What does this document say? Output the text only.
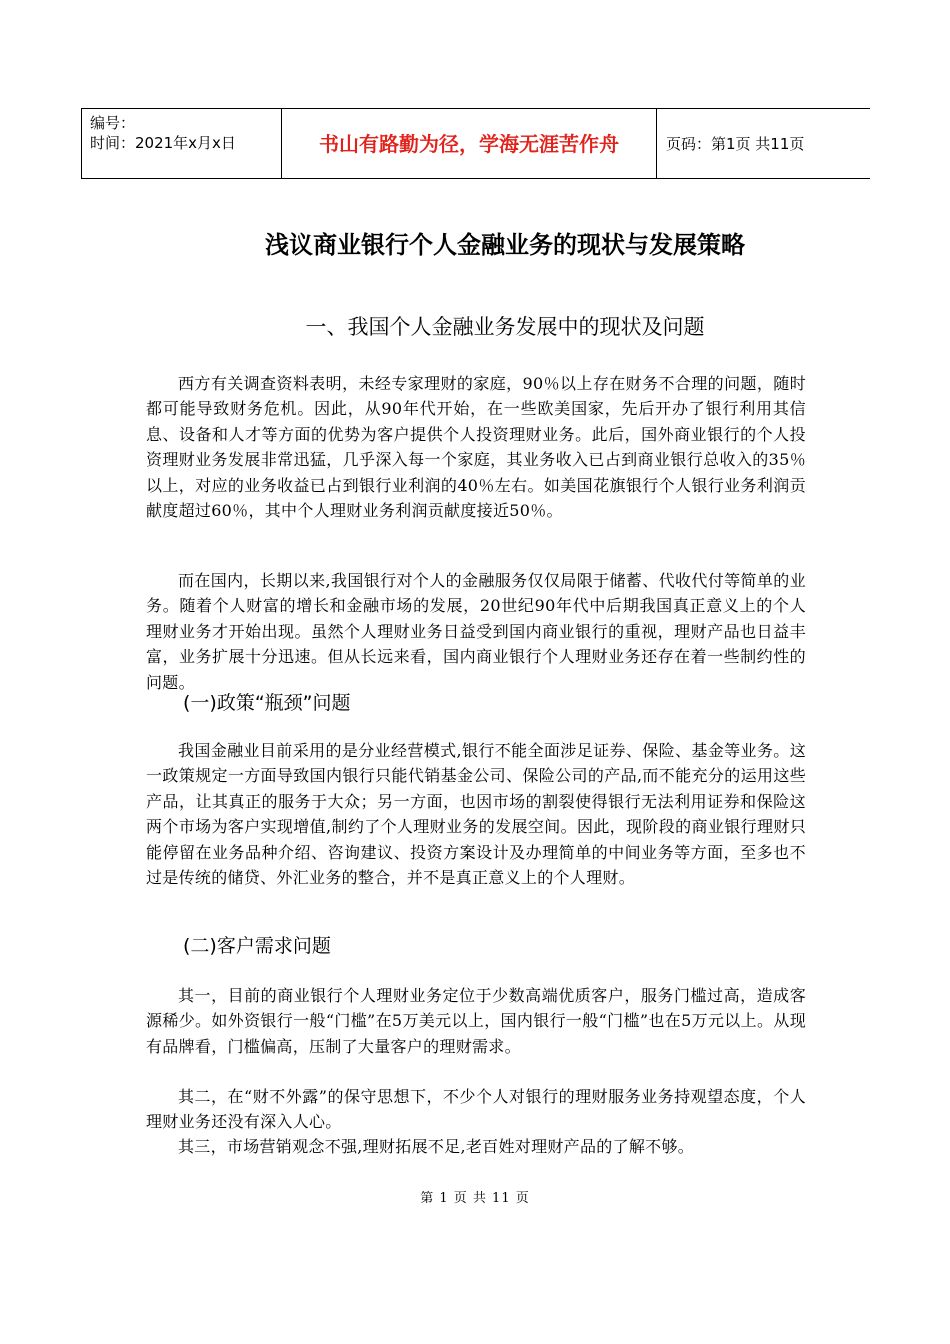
编号：
时间：2021年x月x日	书山有路勤为径，学海无涯苦作舟	页码：第1页 共11页
浅议商业银行个人金融业务的现状与发展策略
一、我国个人金融业务发展中的现状及问题

西方有关调查资料表明，未经专家理财的家庭，90％以上存在财务不合理的问题，随时都可能导致财务危机。因此，从90年代开始，在一些欧美国家，先后开办了银行利用其信息、设备和人才等方面的优势为客户提供个人投资理财业务。此后，国外商业银行的个人投资理财业务发展非常迅猛，几乎深入每一个家庭，其业务收入已占到商业银行总收入的35％以上，对应的业务收益已占到银行业利润的40％左右。如美国花旗银行个人银行业务利润贡献度超过60％，其中个人理财业务利润贡献度接近50％。

而在国内，长期以来,我国银行对个人的金融服务仅仅局限于储蓄、代收代付等简单的业务。随着个人财富的增长和金融市场的发展，20世纪90年代中后期我国真正意义上的个人理财业务才开始出现。虽然个人理财业务日益受到国内商业银行的重视，理财产品也日益丰富，业务扩展十分迅速。但从长远来看，国内商业银行个人理财业务还存在着一些制约性的问题。

(一)政策“瓶颈”问题

我国金融业目前采用的是分业经营模式,银行不能全面涉足证券、保险、基金等业务。这一政策规定一方面导致国内银行只能代销基金公司、保险公司的产品,而不能充分的运用这些产品，让其真正的服务于大众；另一方面，也因市场的割裂使得银行无法利用证券和保险这两个市场为客户实现增值,制约了个人理财业务的发展空间。因此，现阶段的商业银行理财只能停留在业务品种介绍、咨询建议、投资方案设计及办理简单的中间业务等方面，至多也不过是传统的储贷、外汇业务的整合，并不是真正意义上的个人理财。

(二)客户需求问题

其一，目前的商业银行个人理财业务定位于少数高端优质客户，服务门槛过高，造成客源稀少。如外资银行一般“门槛”在5万美元以上，国内银行一般“门槛”也在5万元以上。从现有品牌看，门槛偏高，压制了大量客户的理财需求。

其二，在“财不外露”的保守思想下，不少个人对银行的理财服务业务持观望态度，个人理财业务还没有深入人心。

其三，市场营销观念不强,理财拓展不足,老百姓对理财产品的了解不够。

第 1 页 共 11 页
